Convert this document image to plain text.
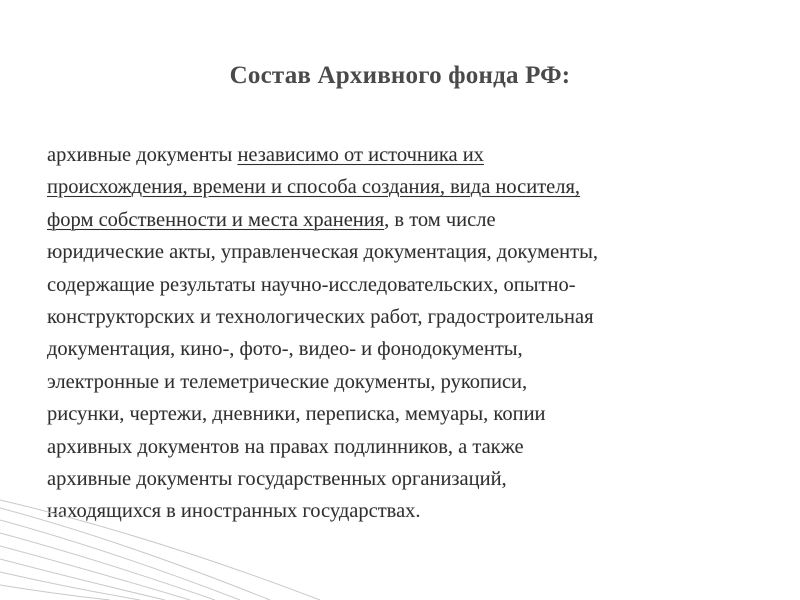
Состав Архивного фонда РФ:
архивные документы независимо от источника их
происхождения, времени и способа создания, вида носителя,
форм собственности и места хранения, в том числе
юридические акты, управленческая документация, документы,
содержащие результаты научно-исследовательских, опытно-
конструкторских и технологических работ, градостроительная
документация, кино-, фото-, видео- и фонодокументы,
электронные и телеметрические документы, рукописи,
рисунки, чертежи, дневники, переписка, мемуары, копии
архивных документов на правах подлинников, а также
архивные документы государственных организаций,
находящихся в иностранных государствах.
